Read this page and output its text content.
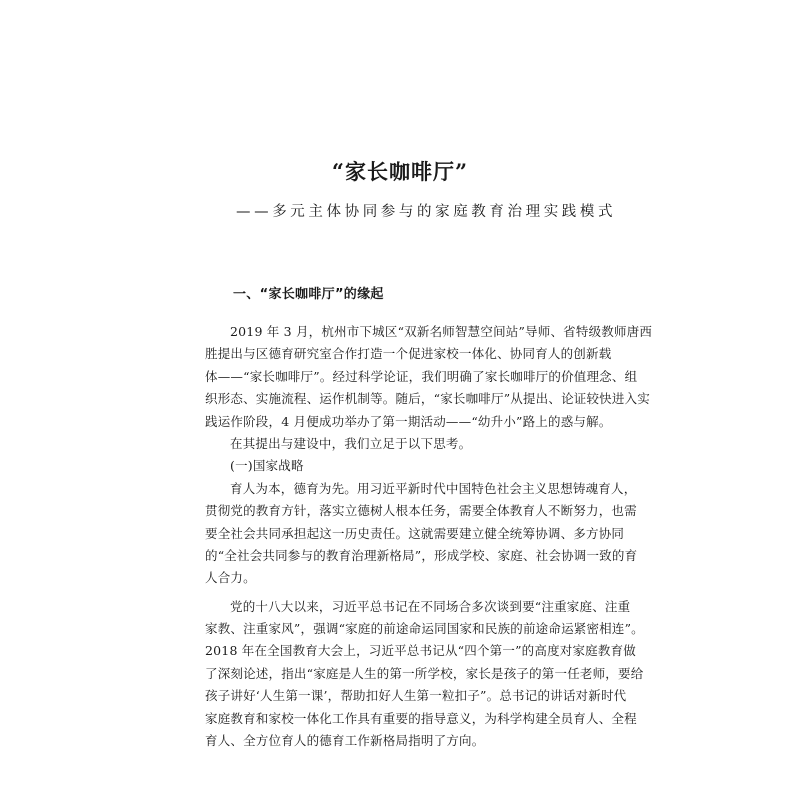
“家长咖啡厅”
——多元主体协同参与的家庭教育治理实践模式
一、“家长咖啡厅”的缘起
2019 年 3 月，杭州市下城区“双新名师智慧空间站”导师、省特级教师唐西
胜提出与区德育研究室合作打造一个促进家校一体化、协同育人的创新载
体——“家长咖啡厅”。经过科学论证，我们明确了家长咖啡厅的价值理念、组
织形态、实施流程、运作机制等。随后，“家长咖啡厅”从提出、论证较快进入实
践运作阶段，4 月便成功举办了第一期活动——“幼升小”路上的惑与解。
在其提出与建设中，我们立足于以下思考。
(一)国家战略
育人为本，德育为先。用习近平新时代中国特色社会主义思想铸魂育人，
贯彻党的教育方针，落实立德树人根本任务，需要全体教育人不断努力，也需
要全社会共同承担起这一历史责任。这就需要建立健全统筹协调、多方协同
的“全社会共同参与的教育治理新格局”，形成学校、家庭、社会协调一致的育
人合力。
党的十八大以来，习近平总书记在不同场合多次谈到要“注重家庭、注重
家教、注重家风”，强调“家庭的前途命运同国家和民族的前途命运紧密相连”。
2018 年在全国教育大会上，习近平总书记从“四个第一”的高度对家庭教育做
了深刻论述，指出“家庭是人生的第一所学校，家长是孩子的第一任老师，要给
孩子讲好‘人生第一课’，帮助扣好人生第一粒扣子”。总书记的讲话对新时代
家庭教育和家校一体化工作具有重要的指导意义，为科学构建全员育人、全程
育人、全方位育人的德育工作新格局指明了方向。
